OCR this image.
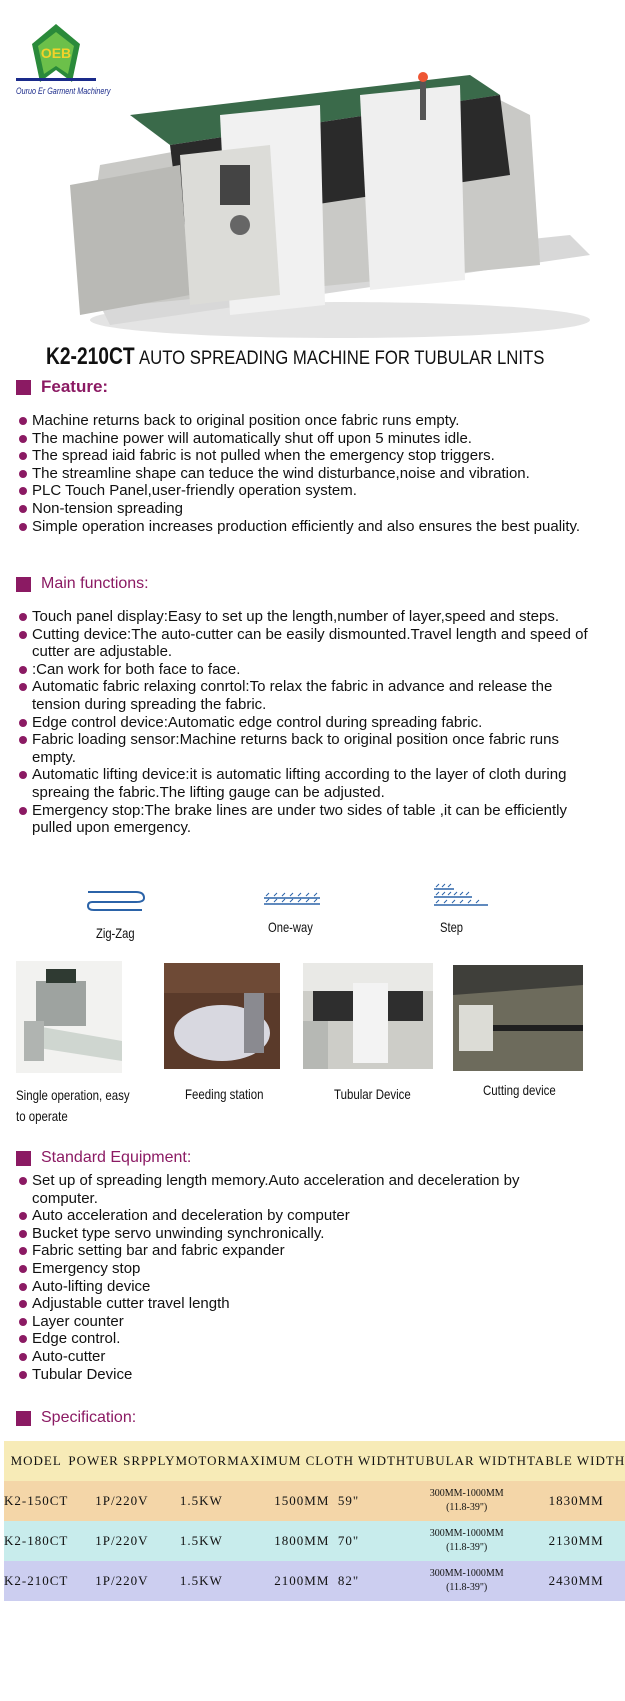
OEB
Ouruo Er Garment Machinery
K2-210CT AUTO SPREADING MACHINE FOR TUBULAR LNITS
Feature:
Machine returns back to original position once fabric runs empty.
The machine power will automatically shut off upon 5 minutes idle.
The spread iaid fabric is not pulled when the emergency stop triggers.
The streamline shape can teduce the wind disturbance,noise and vibration.
PLC Touch Panel,user-friendly operation system.
Non-tension spreading
Simple operation increases production efficiently and also ensures the best puality.
Main functions:
Touch panel display:Easy to set up the length,number of layer,speed and steps.
Cutting device:The auto-cutter can be easily dismounted.Travel length and speed of cutter are adjustable.
:Can work for both face to face.
Automatic fabric relaxing conrtol:To relax the fabric in advance and release the tension during spreading the fabric.
Edge control device:Automatic edge control during spreading fabric.
Fabric loading sensor:Machine returns back to original position once fabric runs empty.
Automatic lifting device:it is automatic lifting according to the layer of cloth during spreaing the fabric.The lifting gauge can be adjusted.
Emergency stop:The brake lines are under two sides of table ,it can be efficiently pulled upon emergency.
Zig-Zag	One-way	Step
Single operation, easy to operate
Feeding station	Tubular Device	Cutting device
Standard Equipment:
Set up of spreading length memory.Auto acceleration and deceleration by computer.
Auto acceleration and deceleration by computer
Bucket type servo unwinding synchronically.
Fabric setting bar and fabric expander
Emergency stop
Auto-lifting device
Adjustable cutter travel length
Layer counter
Edge control.
Auto-cutter
Tubular Device
Specification:
MODEL	POWER SRPPLY	MOTOR	MAXIMUM CLOTH WIDTH	TUBULAR WIDTH	TABLE WIDTH
K2-150CT	1P/220V	1.5KW	1500MM 59"	300MM-1000MM
(11.8-39")	1830MM
K2-180CT	1P/220V	1.5KW	1800MM 70"	300MM-1000MM
(11.8-39")	2130MM
K2-210CT	1P/220V	1.5KW	2100MM 82"	300MM-1000MM
(11.8-39")	2430MM
